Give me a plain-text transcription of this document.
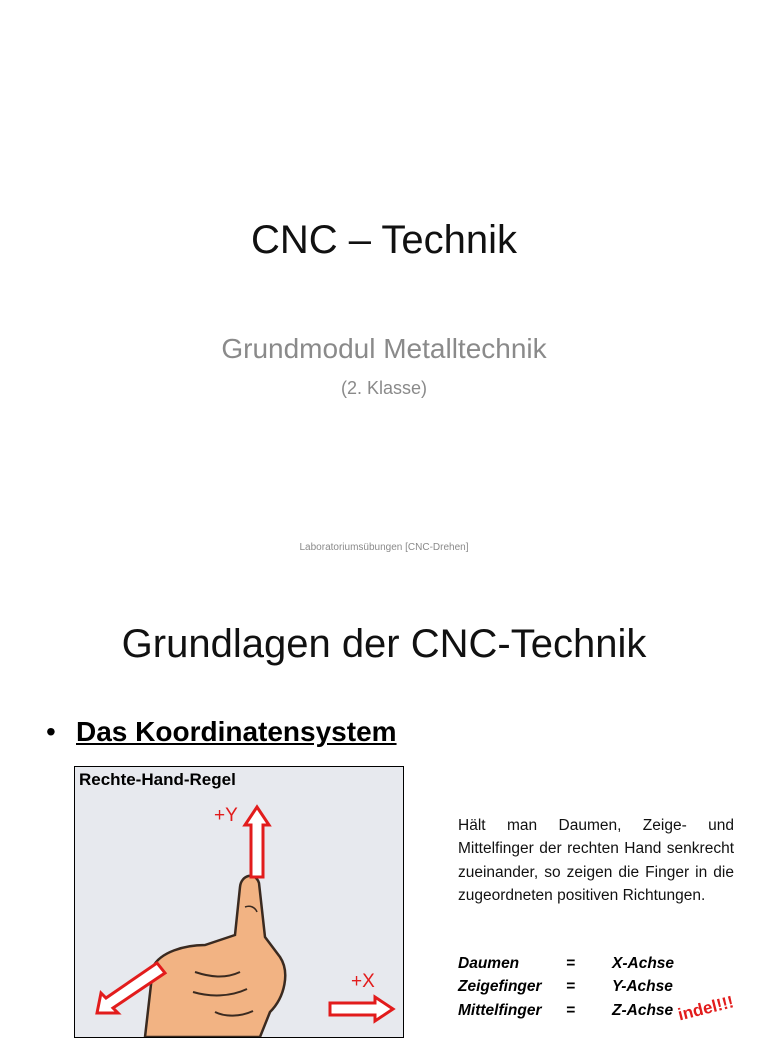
CNC – Technik
Grundmodul Metalltechnik
(2. Klasse)
Laboratoriumsübungen [CNC-Drehen]
Grundlagen der CNC-Technik
• Das Koordinatensystem
+Y
+X
Rechte-Hand-Regel
Hält man Daumen, Zeige- und Mittelfinger der rechten Hand senkrecht zueinander, so zeigen die Finger in die zugeordneten positiven Richtungen.
Daumen	=	X-Achse
Zeigefinger	=	Y-Achse
Mittelfinger	=	Z-Achse indel!!!
